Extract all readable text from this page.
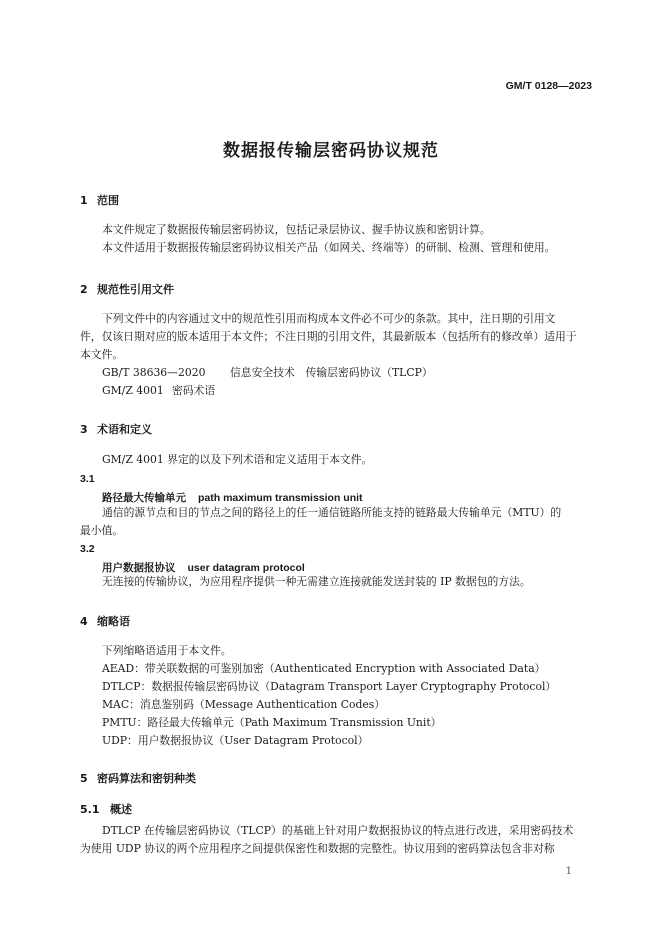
GM/T 0128—2023
数据报传输层密码协议规范
1 范围
本文件规定了数据报传输层密码协议，包括记录层协议、握手协议族和密钥计算。
本文件适用于数据报传输层密码协议相关产品（如网关、终端等）的研制、检测、管理和使用。
2 规范性引用文件
下列文件中的内容通过文中的规范性引用而构成本文件必不可少的条款。其中，注日期的引用文
件，仅该日期对应的版本适用于本文件；不注日期的引用文件，其最新版本（包括所有的修改单）适用于
本文件。
GB/T 38636—2020 信息安全技术　传输层密码协议（TLCP）
GM/Z 4001 密码术语
3 术语和定义
GM/Z 4001 界定的以及下列术语和定义适用于本文件。
3.1
路径最大传输单元 path maximum transmission unit
通信的源节点和目的节点之间的路径上的任一通信链路所能支持的链路最大传输单元（MTU）的
最小值。
3.2
用户数据报协议 user datagram protocol
无连接的传输协议，为应用程序提供一种无需建立连接就能发送封装的 IP 数据包的方法。
4 缩略语
下列缩略语适用于本文件。
AEAD：带关联数据的可鉴别加密（Authenticated Encryption with Associated Data）
DTLCP：数据报传输层密码协议（Datagram Transport Layer Cryptography Protocol）
MAC：消息鉴别码（Message Authentication Codes）
PMTU：路径最大传输单元（Path Maximum Transmission Unit）
UDP：用户数据报协议（User Datagram Protocol）
5 密码算法和密钥种类
5.1 概述
DTLCP 在传输层密码协议（TLCP）的基础上针对用户数据报协议的特点进行改进，采用密码技术
为使用 UDP 协议的两个应用程序之间提供保密性和数据的完整性。协议用到的密码算法包含非对称
1
